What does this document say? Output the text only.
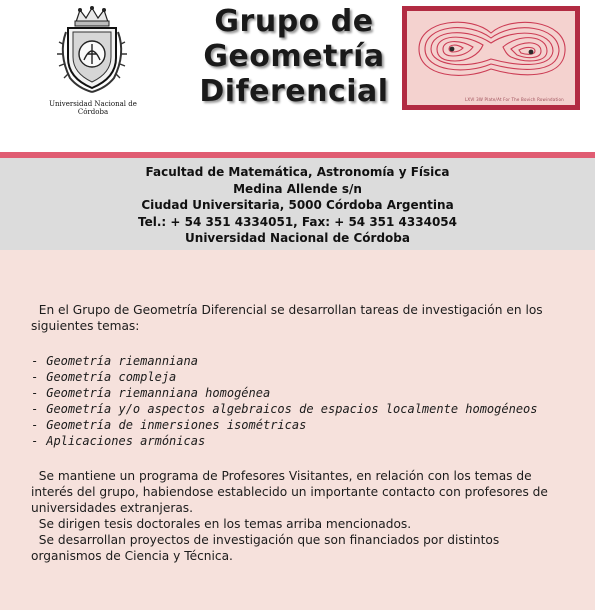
Universidad Nacional de Córdoba
Grupo de
Geometría
Diferencial	LXVI 3W Plate/At For The Bovich Rowindation
Facultad de Matemática, Astronomía y Física
Medina Allende s/n
Ciudad Universitaria, 5000 Córdoba Argentina
Tel.: + 54 351 4334051, Fax: + 54 351 4334054
Universidad Nacional de Córdoba

En el Grupo de Geometría Diferencial se desarrollan tareas de investigación en los siguientes temas:

- Geometría riemanniana
- Geometría compleja
- Geometría riemanniana homogénea
- Geometría y/o aspectos algebraicos de espacios localmente homogéneos
- Geometría de inmersiones isométricas
- Aplicaciones armónicas

Se mantiene un programa de Profesores Visitantes, en relación con los temas de interés del grupo, habiendose establecido un importante contacto con profesores de universidades extranjeras.

Se dirigen tesis doctorales en los temas arriba mencionados.

Se desarrollan proyectos de investigación que son financiados por distintos organismos de Ciencia y Técnica.
